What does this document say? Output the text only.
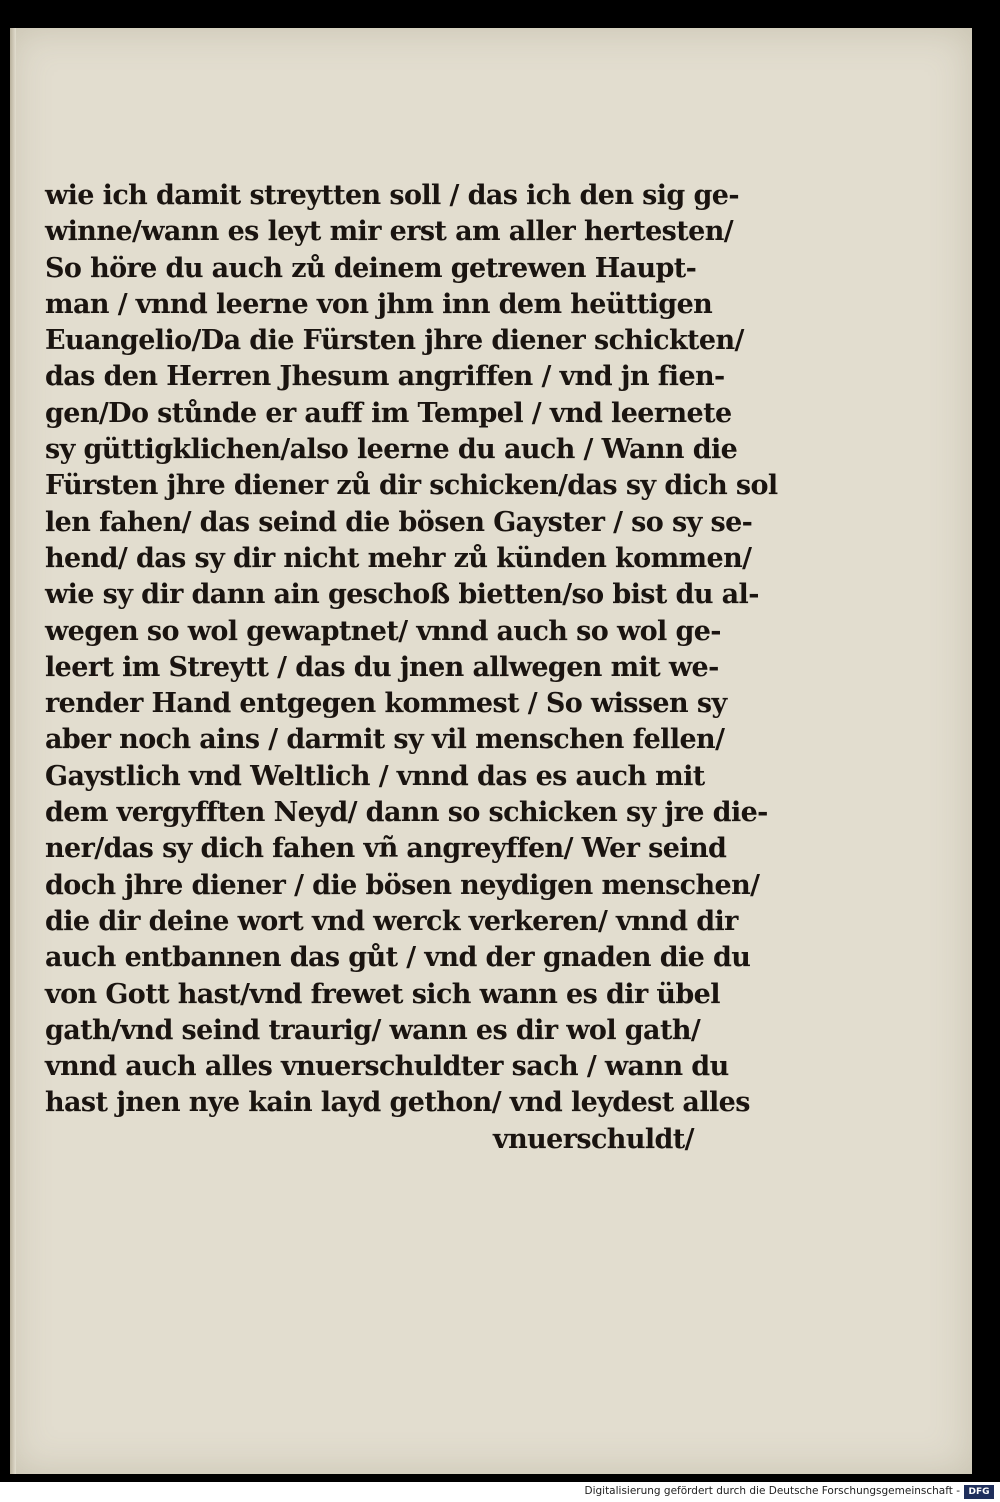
wie ich damit streytten soll / das ich den sig ge-
winne/wann es leyt mir erst am aller hertesten/
So höre du auch zů deinem getrewen Haupt-
man / vnnd leerne von jhm inn dem heüttigen
Euangelio/Da die Fürsten jhre diener schickten/
das den Herren Jhesum angriffen / vnd jn fien-
gen/Do stůnde er auff im Tempel / vnd leernete
sy güttigklichen/also leerne du auch / Wann die
Fürsten jhre diener zů dir schicken/das sy dich sol
len fahen/ das seind die bösen Gayster / so sy se-
hend/ das sy dir nicht mehr zů künden kommen/
wie sy dir dann ain geschoß bietten/so bist du al-
wegen so wol gewaptnet/ vnnd auch so wol ge-
leert im Streytt / das du jnen allwegen mit we-
render Hand entgegen kommest / So wissen sy
aber noch ains / darmit sy vil menschen fellen/
Gaystlich vnd Weltlich / vnnd das es auch mit
dem vergyfften Neyd/ dann so schicken sy jre die-
ner/das sy dich fahen vñ angreyffen/ Wer seind
doch jhre diener / die bösen neydigen menschen/
die dir deine wort vnd werck verkeren/ vnnd dir
auch entbannen das gůt / vnd der gnaden die du
von Gott hast/vnd frewet sich wann es dir übel
gath/vnd seind traurig/ wann es dir wol gath/
vnnd auch alles vnuerschuldter sach / wann du
hast jnen nye kain layd gethon/ vnd leydest alles
vnuerschuldt/
Digitalisierung gefördert durch die Deutsche Forschungsgemeinschaft - DFG
